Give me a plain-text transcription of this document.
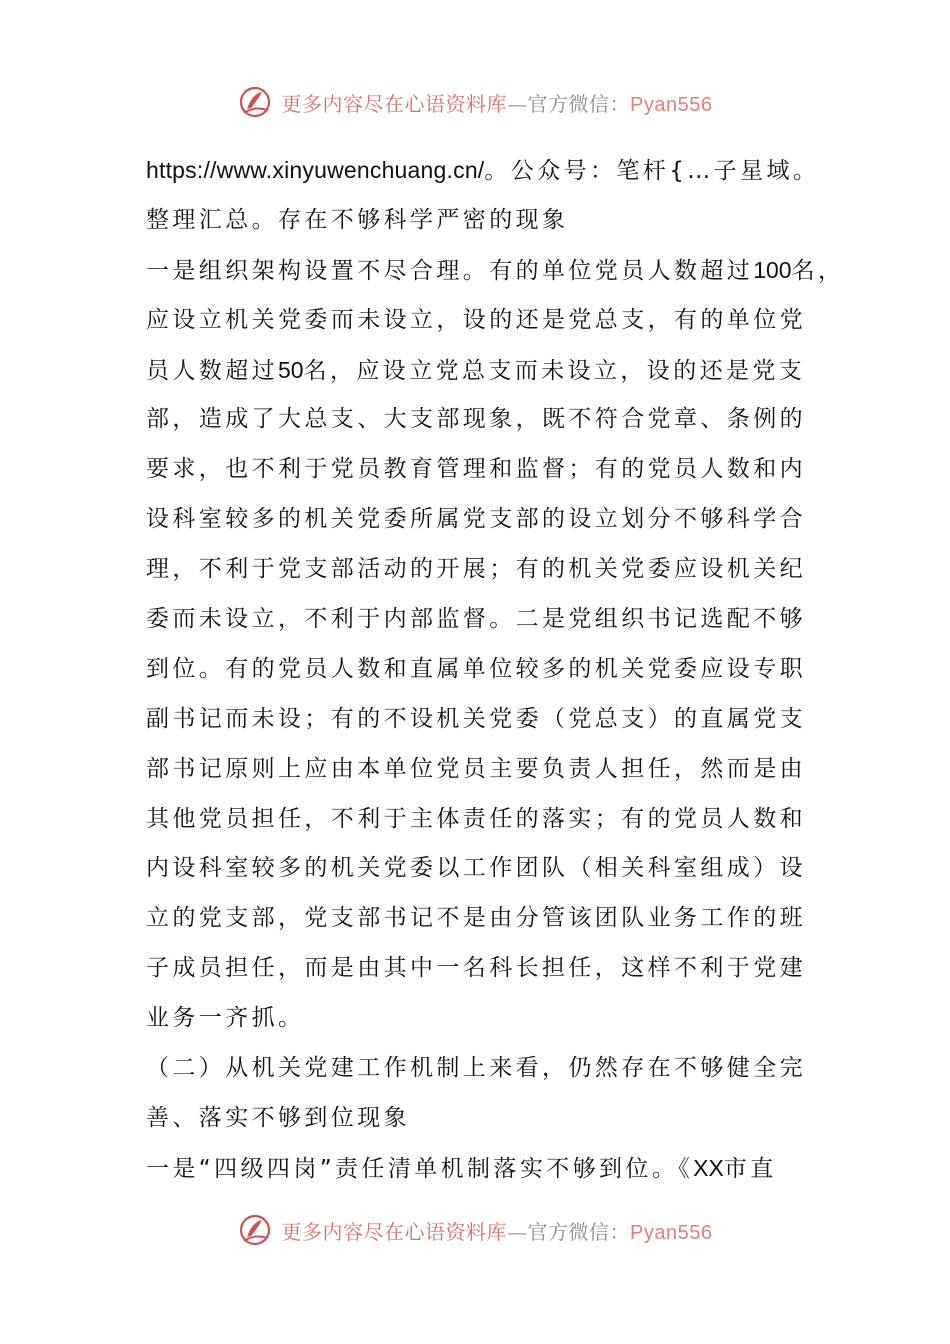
更多内容尽在心语资料库—官方微信：Pyan556
https://www.xinyuwenchuang.cn/。公众号：笔杆{…子星域。
整理汇总。存在不够科学严密的现象
一是组织架构设置不尽合理。有的单位党员人数超过100名，
应设立机关党委而未设立，设的还是党总支，有的单位党
员人数超过50名，应设立党总支而未设立，设的还是党支
部，造成了大总支、大支部现象，既不符合党章、条例的
要求，也不利于党员教育管理和监督；有的党员人数和内
设科室较多的机关党委所属党支部的设立划分不够科学合
理，不利于党支部活动的开展；有的机关党委应设机关纪
委而未设立，不利于内部监督。二是党组织书记选配不够
到位。有的党员人数和直属单位较多的机关党委应设专职
副书记而未设；有的不设机关党委（党总支）的直属党支
部书记原则上应由本单位党员主要负责人担任，然而是由
其他党员担任，不利于主体责任的落实；有的党员人数和
内设科室较多的机关党委以工作团队（相关科室组成）设
立的党支部，党支部书记不是由分管该团队业务工作的班
子成员担任，而是由其中一名科长担任，这样不利于党建
业务一齐抓。
（二）从机关党建工作机制上来看，仍然存在不够健全完
善、落实不够到位现象
一是“四级四岗”责任清单机制落实不够到位。《XX市直
更多内容尽在心语资料库—官方微信：Pyan556
